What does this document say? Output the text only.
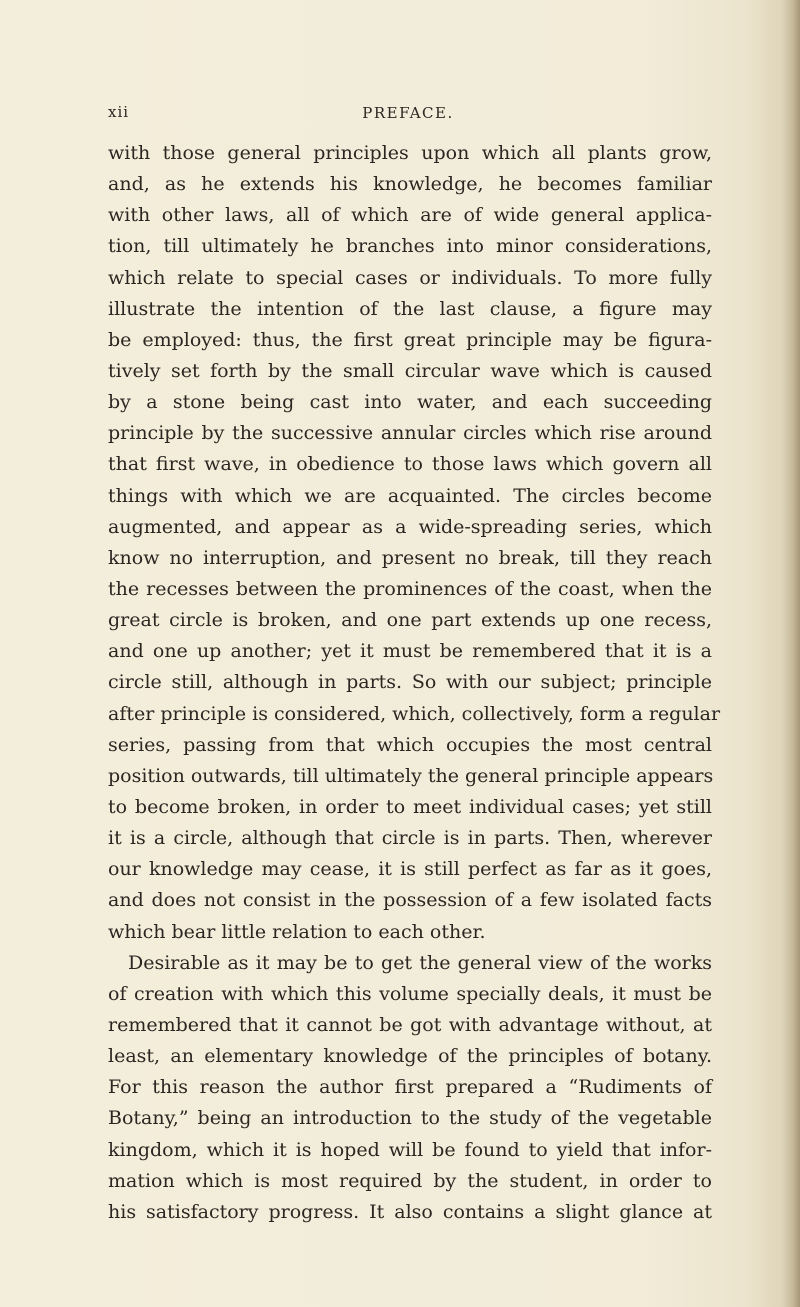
xii	PREFACE.
with those general principles upon which all plants grow,
and, as he extends his knowledge, he becomes familiar
with other laws, all of which are of wide general applica-
tion, till ultimately he branches into minor considerations,
which relate to special cases or individuals. To more fully
illustrate the intention of the last clause, a figure may
be employed: thus, the first great principle may be figura-
tively set forth by the small circular wave which is caused
by a stone being cast into water, and each succeeding
principle by the successive annular circles which rise around
that first wave, in obedience to those laws which govern all
things with which we are acquainted. The circles become
augmented, and appear as a wide-spreading series, which
know no interruption, and present no break, till they reach
the recesses between the prominences of the coast, when the
great circle is broken, and one part extends up one recess,
and one up another; yet it must be remembered that it is a
circle still, although in parts. So with our subject; principle
after principle is considered, which, collectively, form a regular
series, passing from that which occupies the most central
position outwards, till ultimately the general principle appears
to become broken, in order to meet individual cases; yet still
it is a circle, although that circle is in parts. Then, wherever
our knowledge may cease, it is still perfect as far as it goes,
and does not consist in the possession of a few isolated facts
which bear little relation to each other.
Desirable as it may be to get the general view of the works
of creation with which this volume specially deals, it must be
remembered that it cannot be got with advantage without, at
least, an elementary knowledge of the principles of botany.
For this reason the author first prepared a “Rudiments of
Botany,” being an introduction to the study of the vegetable
kingdom, which it is hoped will be found to yield that infor-
mation which is most required by the student, in order to
his satisfactory progress. It also contains a slight glance at
